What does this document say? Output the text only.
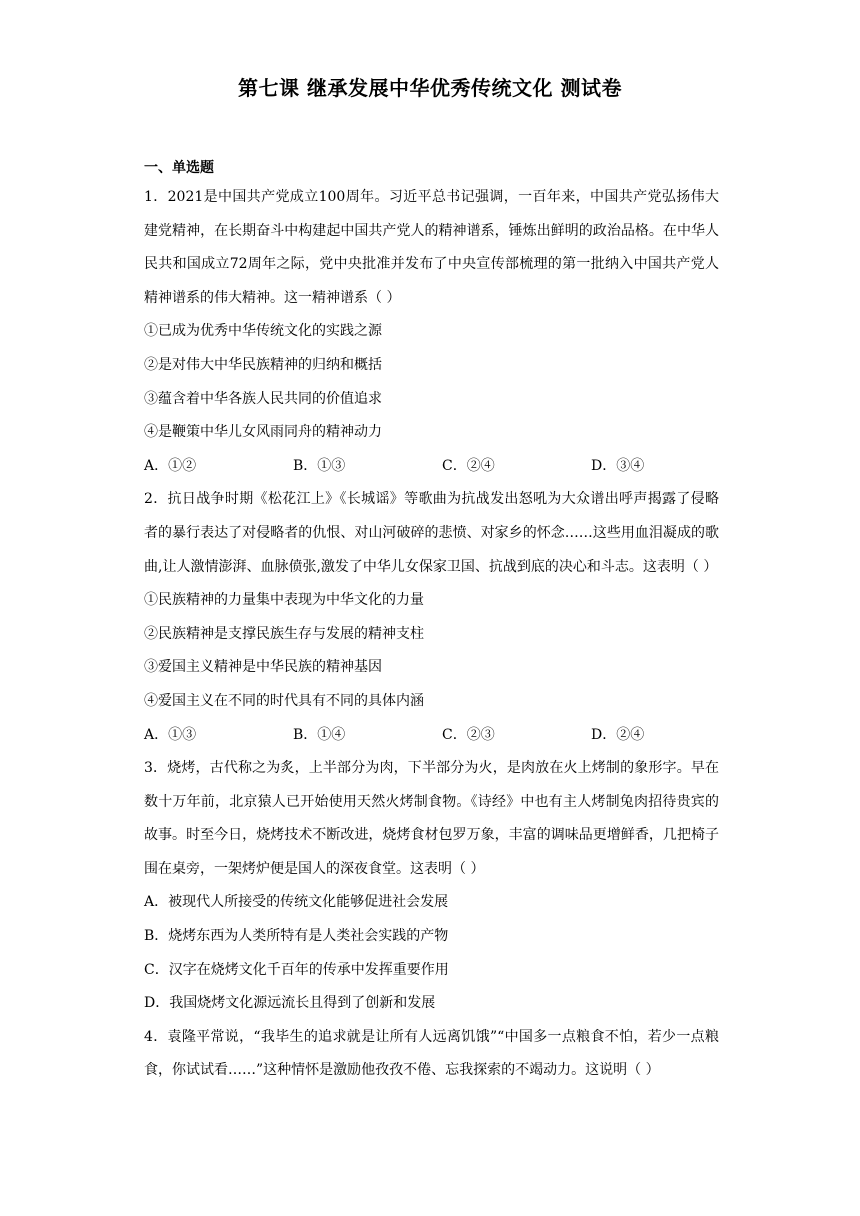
第七课 继承发展中华优秀传统文化 测试卷
一、单选题

1．2021是中国共产党成立100周年。习近平总书记强调，一百年来，中国共产党弘扬伟大建党精神，在长期奋斗中构建起中国共产党人的精神谱系，锤炼出鲜明的政治品格。在中华人民共和国成立72周年之际，党中央批准并发布了中央宣传部梳理的第一批纳入中国共产党人精神谱系的伟大精神。这一精神谱系（ ）

①已成为优秀中华传统文化的实践之源

②是对伟大中华民族精神的归纳和概括

③蕴含着中华各族人民共同的价值追求

④是鞭策中华儿女风雨同舟的精神动力

A．①②	B．①③	C．②④	D．③④

2．抗日战争时期《松花江上》《长城谣》等歌曲为抗战发出怒吼为大众谱出呼声揭露了侵略者的暴行表达了对侵略者的仇恨、对山河破碎的悲愤、对家乡的怀念……这些用血泪凝成的歌曲,让人激情澎湃、血脉偾张,激发了中华儿女保家卫国、抗战到底的决心和斗志。这表明（ ）

①民族精神的力量集中表现为中华文化的力量

②民族精神是支撑民族生存与发展的精神支柱

③爱国主义精神是中华民族的精神基因

④爱国主义在不同的时代具有不同的具体内涵

A．①③	B．①④	C．②③	D．②④

3．烧烤，古代称之为炙，上半部分为肉，下半部分为火，是肉放在火上烤制的象形字。早在数十万年前，北京猿人已开始使用天然火烤制食物。《诗经》中也有主人烤制兔肉招待贵宾的故事。时至今日，烧烤技术不断改进，烧烤食材包罗万象，丰富的调味品更增鲜香，几把椅子围在桌旁，一架烤炉便是国人的深夜食堂。这表明（ ）

A．被现代人所接受的传统文化能够促进社会发展

B．烧烤东西为人类所特有是人类社会实践的产物

C．汉字在烧烤文化千百年的传承中发挥重要作用

D．我国烧烤文化源远流长且得到了创新和发展

4．袁隆平常说，“我毕生的追求就是让所有人远离饥饿”“中国多一点粮食不怕，若少一点粮食，你试试看……”这种情怀是激励他孜孜不倦、忘我探索的不竭动力。这说明（ ）
